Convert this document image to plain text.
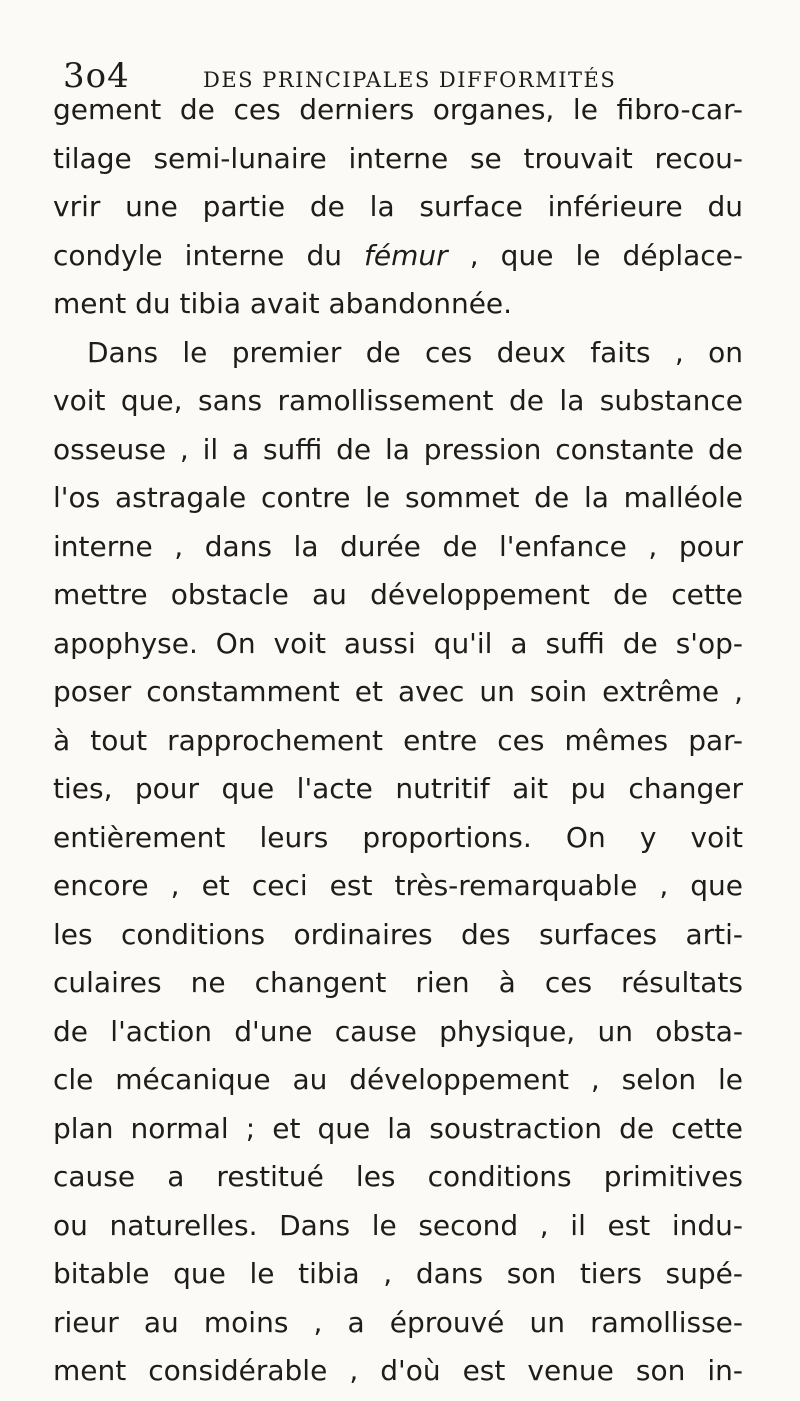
3o4	DES PRINCIPALES DIFFORMITÉS
gement de ces derniers organes, le fibro-car-
tilage semi-lunaire interne se trouvait recou-
vrir une partie de la surface inférieure du
condyle interne du fémur , que le déplace-
ment du tibia avait abandonnée.
Dans le premier de ces deux faits , on
voit que, sans ramollissement de la substance
osseuse , il a suffi de la pression constante de
l'os astragale contre le sommet de la malléole
interne , dans la durée de l'enfance , pour
mettre obstacle au développement de cette
apophyse. On voit aussi qu'il a suffi de s'op-
poser constamment et avec un soin extrême ,
à tout rapprochement entre ces mêmes par-
ties, pour que l'acte nutritif ait pu changer
entièrement leurs proportions. On y voit
encore , et ceci est très-remarquable , que
les conditions ordinaires des surfaces arti-
culaires ne changent rien à ces résultats
de l'action d'une cause physique, un obsta-
cle mécanique au développement , selon le
plan normal ; et que la soustraction de cette
cause a restitué les conditions primitives
ou naturelles. Dans le second , il est indu-
bitable que le tibia , dans son tiers supé-
rieur au moins , a éprouvé un ramollisse-
ment considérable , d'où est venue son in-
